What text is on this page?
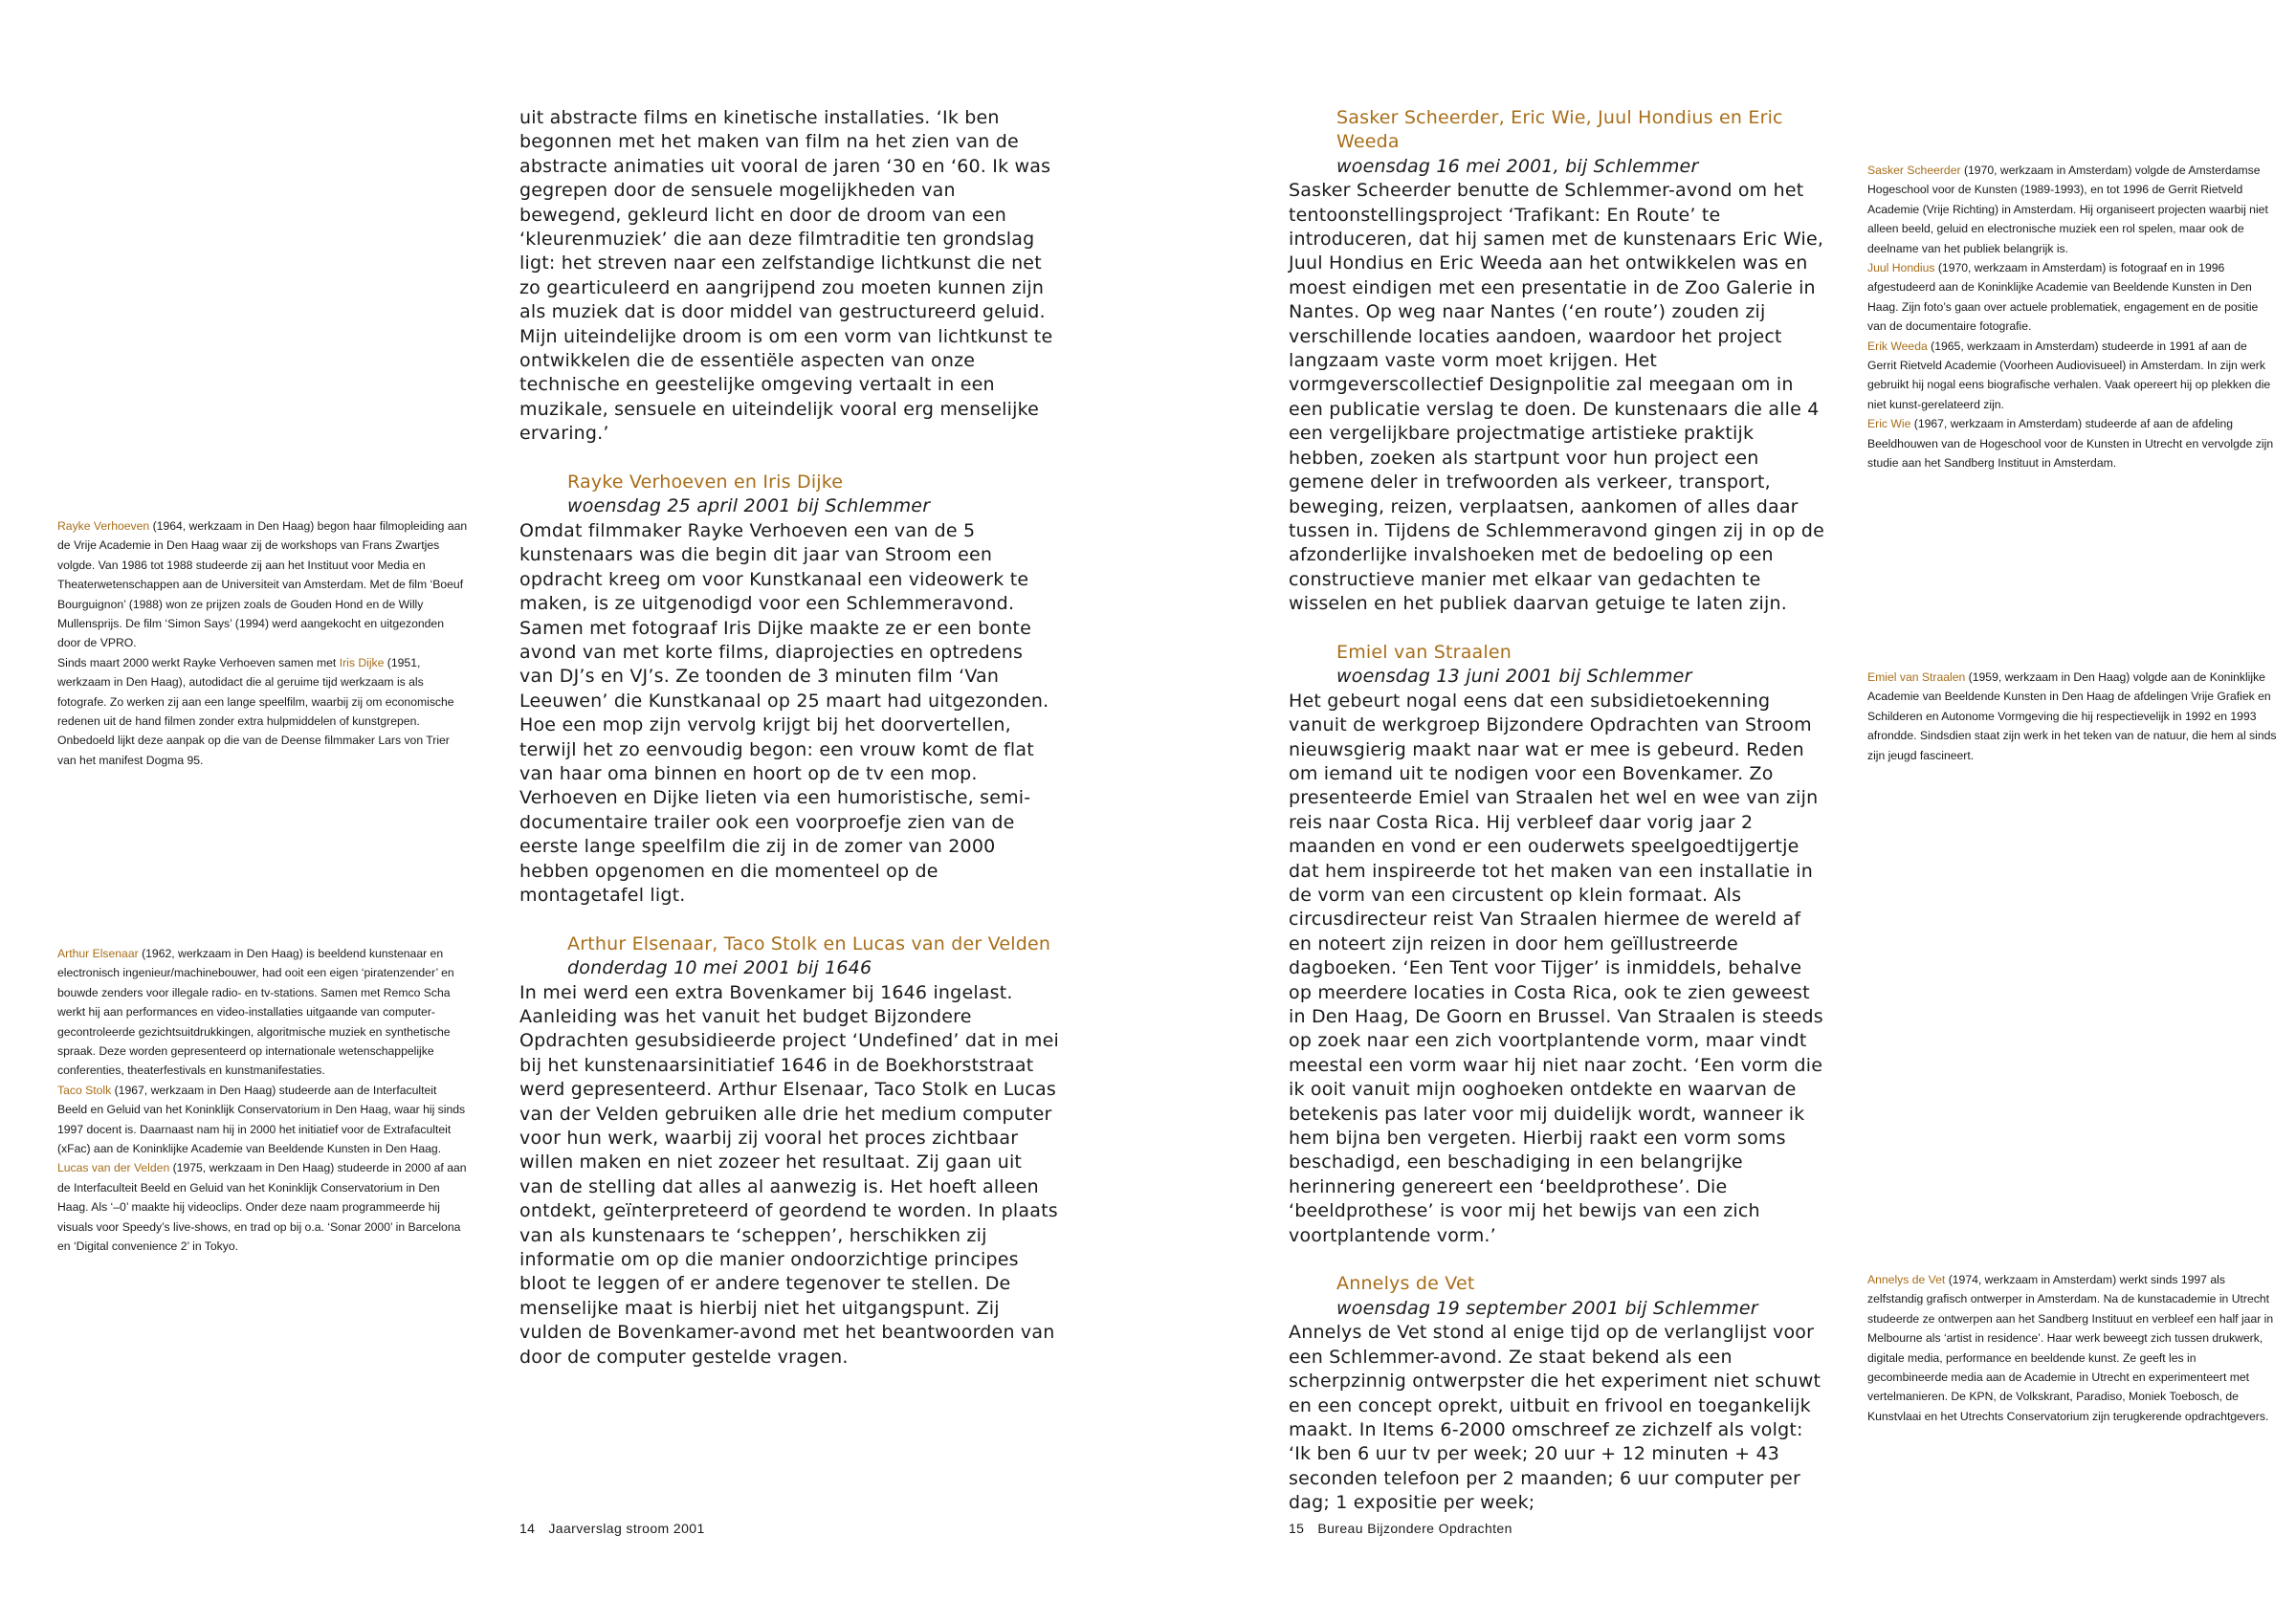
Rayke Verhoeven (1964, werkzaam in Den Haag) begon haar filmopleiding aan de Vrije Academie in Den Haag waar zij de workshops van Frans Zwartjes volgde. Van 1986 tot 1988 studeerde zij aan het Instituut voor Media en Theaterwetenschappen aan de Universiteit van Amsterdam. Met de film ‘Boeuf Bourguignon’ (1988) won ze prijzen zoals de Gouden Hond en de Willy Mullensprijs. De film ‘Simon Says’ (1994) werd aangekocht en uitgezonden door de VPRO.

Sinds maart 2000 werkt Rayke Verhoeven samen met Iris Dijke (1951, werkzaam in Den Haag), autodidact die al geruime tijd werkzaam is als fotografe. Zo werken zij aan een lange speelfilm, waarbij zij om economische redenen uit de hand filmen zonder extra hulpmiddelen of kunstgrepen. Onbedoeld lijkt deze aanpak op die van de Deense filmmaker Lars von Trier van het manifest Dogma 95.

Arthur Elsenaar (1962, werkzaam in Den Haag) is beeldend kunstenaar en electronisch ingenieur/machinebouwer, had ooit een eigen ‘piratenzender’ en bouwde zenders voor illegale radio- en tv-stations. Samen met Remco Scha werkt hij aan performances en video-installaties uitgaande van computer-gecontroleerde gezichtsuitdrukkingen, algoritmische muziek en synthetische spraak. Deze worden gepresenteerd op internationale wetenschappelijke conferenties, theaterfestivals en kunstmanifestaties.

Taco Stolk (1967, werkzaam in Den Haag) studeerde aan de Interfaculteit Beeld en Geluid van het Koninklijk Conservatorium in Den Haag, waar hij sinds 1997 docent is. Daarnaast nam hij in 2000 het initiatief voor de Extrafaculteit (xFac) aan de Koninklijke Academie van Beeldende Kunsten in Den Haag.

Lucas van der Velden (1975, werkzaam in Den Haag) studeerde in 2000 af aan de Interfaculteit Beeld en Geluid van het Koninklijk Conservatorium in Den Haag. Als ‘–0’ maakte hij videoclips. Onder deze naam programmeerde hij visuals voor Speedy’s live-shows, en trad op bij o.a. ‘Sonar 2000’ in Barcelona en ‘Digital convenience 2’ in Tokyo.

uit abstracte films en kinetische installaties. ‘Ik ben begonnen met het maken van film na het zien van de abstracte animaties uit vooral de jaren ‘30 en ‘60. Ik was gegrepen door de sensuele mogelijkheden van bewegend, gekleurd licht en door de droom van een ‘kleurenmuziek’ die aan deze filmtraditie ten grondslag ligt: het streven naar een zelfstandige lichtkunst die net zo gearticuleerd en aangrijpend zou moeten kunnen zijn als muziek dat is door middel van gestructureerd geluid. Mijn uiteindelijke droom is om een vorm van lichtkunst te ontwikkelen die de essentiële aspecten van onze technische en geestelijke omgeving vertaalt in een muzikale, sensuele en uiteindelijk vooral erg menselijke ervaring.’

Rayke Verhoeven en Iris Dijke

woensdag 25 april 2001 bij Schlemmer

Omdat filmmaker Rayke Verhoeven een van de 5 kunstenaars was die begin dit jaar van Stroom een opdracht kreeg om voor Kunstkanaal een videowerk te maken, is ze uitgenodigd voor een Schlemmeravond. Samen met fotograaf Iris Dijke maakte ze er een bonte avond van met korte films, diaprojecties en optredens van DJ’s en VJ’s. Ze toonden de 3 minuten film ‘Van Leeuwen’ die Kunstkanaal op 25 maart had uitgezonden. Hoe een mop zijn vervolg krijgt bij het doorvertellen, terwijl het zo eenvoudig begon: een vrouw komt de flat van haar oma binnen en hoort op de tv een mop. Verhoeven en Dijke lieten via een humoristische, semi-documentaire trailer ook een voorproefje zien van de eerste lange speelfilm die zij in de zomer van 2000 hebben opgenomen en die momenteel op de montagetafel ligt.

Arthur Elsenaar, Taco Stolk en Lucas van der Velden

donderdag 10 mei 2001 bij 1646

In mei werd een extra Bovenkamer bij 1646 ingelast. Aanleiding was het vanuit het budget Bijzondere Opdrachten gesubsidieerde project ‘Undefined’ dat in mei bij het kunstenaarsinitiatief 1646 in de Boekhorststraat werd gepresenteerd. Arthur Elsenaar, Taco Stolk en Lucas van der Velden gebruiken alle drie het medium computer voor hun werk, waarbij zij vooral het proces zichtbaar willen maken en niet zozeer het resultaat. Zij gaan uit van de stelling dat alles al aanwezig is. Het hoeft alleen ontdekt, geïnterpreteerd of geordend te worden. In plaats van als kunstenaars te ‘scheppen’, herschikken zij informatie om op die manier ondoorzichtige principes bloot te leggen of er andere tegenover te stellen. De menselijke maat is hierbij niet het uitgangspunt. Zij vulden de Bovenkamer-avond met het beantwoorden van door de computer gestelde vragen.

14 Jaarverslag stroom 2001

Sasker Scheerder, Eric Wie, Juul Hondius en Eric Weeda

woensdag 16 mei 2001, bij Schlemmer

Sasker Scheerder benutte de Schlemmer-avond om het tentoonstellingsproject ‘Trafikant: En Route’ te introduceren, dat hij samen met de kunstenaars Eric Wie, Juul Hondius en Eric Weeda aan het ontwikkelen was en moest eindigen met een presentatie in de Zoo Galerie in Nantes. Op weg naar Nantes (‘en route’) zouden zij verschillende locaties aandoen, waardoor het project langzaam vaste vorm moet krijgen. Het vormgeverscollectief Designpolitie zal meegaan om in een publicatie verslag te doen. De kunstenaars die alle 4 een vergelijkbare projectmatige artistieke praktijk hebben, zoeken als startpunt voor hun project een gemene deler in trefwoorden als verkeer, transport, beweging, reizen, verplaatsen, aankomen of alles daar tussen in. Tijdens de Schlemmeravond gingen zij in op de afzonderlijke invalshoeken met de bedoeling op een constructieve manier met elkaar van gedachten te wisselen en het publiek daarvan getuige te laten zijn.

Emiel van Straalen

woensdag 13 juni 2001 bij Schlemmer

Het gebeurt nogal eens dat een subsidietoekenning vanuit de werkgroep Bijzondere Opdrachten van Stroom nieuwsgierig maakt naar wat er mee is gebeurd. Reden om iemand uit te nodigen voor een Bovenkamer. Zo presenteerde Emiel van Straalen het wel en wee van zijn reis naar Costa Rica. Hij verbleef daar vorig jaar 2 maanden en vond er een ouderwets speelgoedtijgertje dat hem inspireerde tot het maken van een installatie in de vorm van een circustent op klein formaat. Als circusdirecteur reist Van Straalen hiermee de wereld af en noteert zijn reizen in door hem geïllustreerde dagboeken. ‘Een Tent voor Tijger’ is inmiddels, behalve op meerdere locaties in Costa Rica, ook te zien geweest in Den Haag, De Goorn en Brussel. Van Straalen is steeds op zoek naar een zich voortplantende vorm, maar vindt meestal een vorm waar hij niet naar zocht. ‘Een vorm die ik ooit vanuit mijn ooghoeken ontdekte en waarvan de betekenis pas later voor mij duidelijk wordt, wanneer ik hem bijna ben vergeten. Hierbij raakt een vorm soms beschadigd, een beschadiging in een belangrijke herinnering genereert een ‘beeldprothese’. Die ‘beeldprothese’ is voor mij het bewijs van een zich voortplantende vorm.’

Annelys de Vet

woensdag 19 september 2001 bij Schlemmer

Annelys de Vet stond al enige tijd op de verlanglijst voor een Schlemmer-avond. Ze staat bekend als een scherpzinnig ontwerpster die het experiment niet schuwt en een concept oprekt, uitbuit en frivool en toegankelijk maakt. In Items 6-2000 omschreef ze zichzelf als volgt: ‘Ik ben 6 uur tv per week; 20 uur + 12 minuten + 43 seconden telefoon per 2 maanden; 6 uur computer per dag; 1 expositie per week;

Sasker Scheerder (1970, werkzaam in Amsterdam) volgde de Amsterdamse Hogeschool voor de Kunsten (1989-1993), en tot 1996 de Gerrit Rietveld Academie (Vrije Richting) in Amsterdam. Hij organiseert projecten waarbij niet alleen beeld, geluid en electronische muziek een rol spelen, maar ook de deelname van het publiek belangrijk is.

Juul Hondius (1970, werkzaam in Amsterdam) is fotograaf en in 1996 afgestudeerd aan de Koninklijke Academie van Beeldende Kunsten in Den Haag. Zijn foto’s gaan over actuele problematiek, engagement en de positie van de documentaire fotografie.

Erik Weeda (1965, werkzaam in Amsterdam) studeerde in 1991 af aan de Gerrit Rietveld Academie (Voorheen Audiovisueel) in Amsterdam. In zijn werk gebruikt hij nogal eens biografische verhalen. Vaak opereert hij op plekken die niet kunst-gerelateerd zijn.

Eric Wie (1967, werkzaam in Amsterdam) studeerde af aan de afdeling Beeldhouwen van de Hogeschool voor de Kunsten in Utrecht en vervolgde zijn studie aan het Sandberg Instituut in Amsterdam.

Emiel van Straalen (1959, werkzaam in Den Haag) volgde aan de Koninklijke Academie van Beeldende Kunsten in Den Haag de afdelingen Vrije Grafiek en Schilderen en Autonome Vormgeving die hij respectievelijk in 1992 en 1993 afrondde. Sindsdien staat zijn werk in het teken van de natuur, die hem al sinds zijn jeugd fascineert.

Annelys de Vet (1974, werkzaam in Amsterdam) werkt sinds 1997 als zelfstandig grafisch ontwerper in Amsterdam. Na de kunstacademie in Utrecht studeerde ze ontwerpen aan het Sandberg Instituut en verbleef een half jaar in Melbourne als ‘artist in residence’. Haar werk beweegt zich tussen drukwerk, digitale media, performance en beeldende kunst. Ze geeft les in gecombineerde media aan de Academie in Utrecht en experimenteert met vertelmanieren. De KPN, de Volkskrant, Paradiso, Moniek Toebosch, de Kunstvlaai en het Utrechts Conservatorium zijn terugkerende opdrachtgevers.

15 Bureau Bijzondere Opdrachten
